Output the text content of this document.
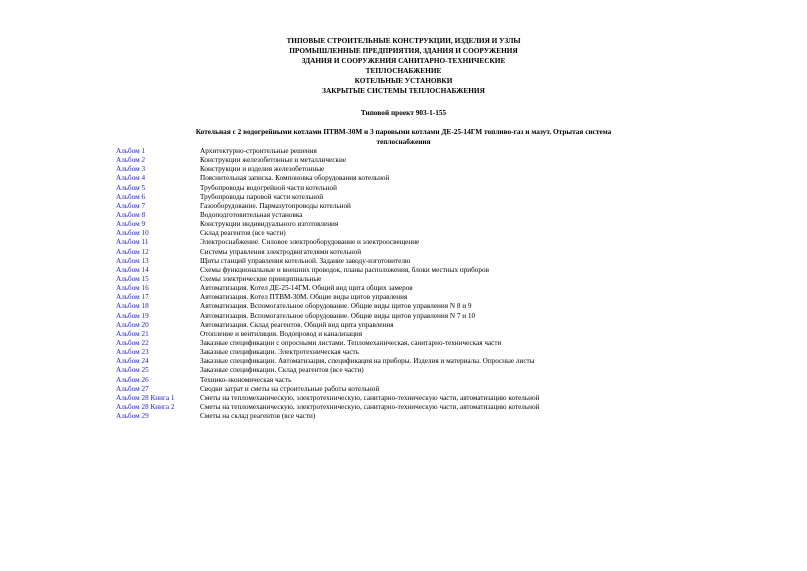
ТИПОВЫЕ СТРОИТЕЛЬНЫЕ КОНСТРУКЦИИ, ИЗДЕЛИЯ И УЗЛЫ
ПРОМЫШЛЕННЫЕ ПРЕДПРИЯТИЯ, ЗДАНИЯ И СООРУЖЕНИЯ
ЗДАНИЯ И СООРУЖЕНИЯ САНИТАРНО-ТЕХНИЧЕСКИЕ
ТЕПЛОСНАБЖЕНИЕ
КОТЕЛЬНЫЕ УСТАНОВКИ
ЗАКРЫТЫЕ СИСТЕМЫ ТЕПЛОСНАБЖЕНИЯ
Типовой проект 903-1-155
Котельная с 2 водогрейными котлами ПТВМ-30М и 3 паровыми котлами ДЕ-25-14ГМ топливо-газ и мазут. Отрытая система теплоснабжения
Альбом 1	Архитектурно-строительные решения
Альбом 2	Конструкции железобетонные и металлические
Альбом 3	Конструкции и изделия железобетонные
Альбом 4	Пояснительная записка. Компоновка оборудования котельной
Альбом 5	Трубопроводы водогрейной части котельной
Альбом 6	Трубопроводы паровой части котельной
Альбом 7	Газооборудование. Пармазутопроводы котельной
Альбом 8	Водоподготовительная установка
Альбом 9	Конструкции индивидуального изготовления
Альбом 10	Склад реагентов (все части)
Альбом 11	Электроснабжение. Силовое электрооборудование и электроосвещение
Альбом 12	Системы управления электродвигателями котельной
Альбом 13	Щиты станций управления котельной. Задание заводу-изготовителю
Альбом 14	Схемы функциональные и внешних проводок, планы расположения, блоки местных приборов
Альбом 15	Схемы электрические принципиальные
Альбом 16	Автоматизация. Котел ДЕ-25-14ГМ. Общий вид щита общих замеров
Альбом 17	Автоматизация. Котел ПТВМ-30М. Общие виды щитов управления
Альбом 18	Автоматизация. Вспомогательное оборудование. Общие виды щитов управления N 8 и 9
Альбом 19	Автоматизация. Вспомогательное оборудование. Общие виды щитов управления N 7 и 10
Альбом 20	Автоматизация. Склад реагентов. Общий вид щита управления
Альбом 21	Отопление и вентиляция. Водопровод и канализация
Альбом 22	Заказные спецификации с опросными листами. Тепломеханическая, санитарно-техническая части
Альбом 23	Заказные спецификации. Электротехническая часть
Альбом 24	Заказные спецификации. Автоматизация, спецификация на приборы. Изделия и материалы. Опросные листы
Альбом 25	Заказные спецификации. Склад реагентов (все части)
Альбом 26	Технико-экономическая часть
Альбом 27	Сводки затрат и сметы на строительные работы котельной
Альбом 28 Книга 1	Сметы на тепломеханическую, электротехническую, санитарно-техническую части, автоматизацию котельной
Альбом 28 Книга 2	Сметы на тепломеханическую, электротехническую, санитарно-техническую части, автоматизацию котельной
Альбом 29	Сметы на склад реагентов (все части)
